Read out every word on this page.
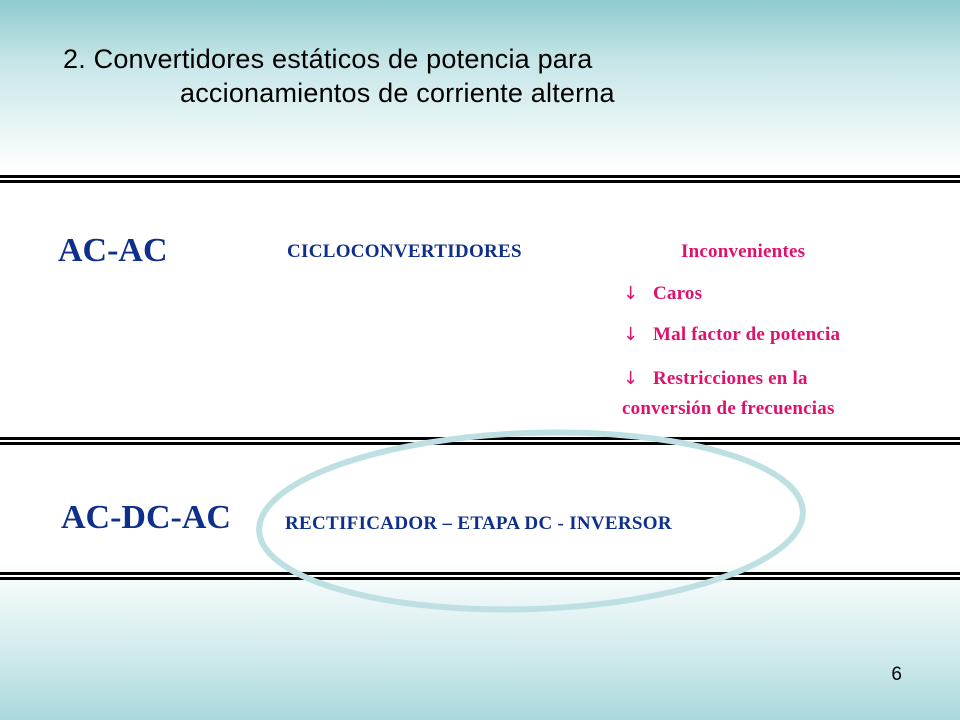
2. Convertidores estáticos de potencia para
accionamientos de corriente alterna
AC-AC	CICLOCONVERTIDORES	Inconvenientes
↓ Caros
↓ Mal factor de potencia
↓ Restricciones en la
conversión de frecuencias
AC-DC-AC	RECTIFICADOR – ETAPA DC - INVERSOR
6
